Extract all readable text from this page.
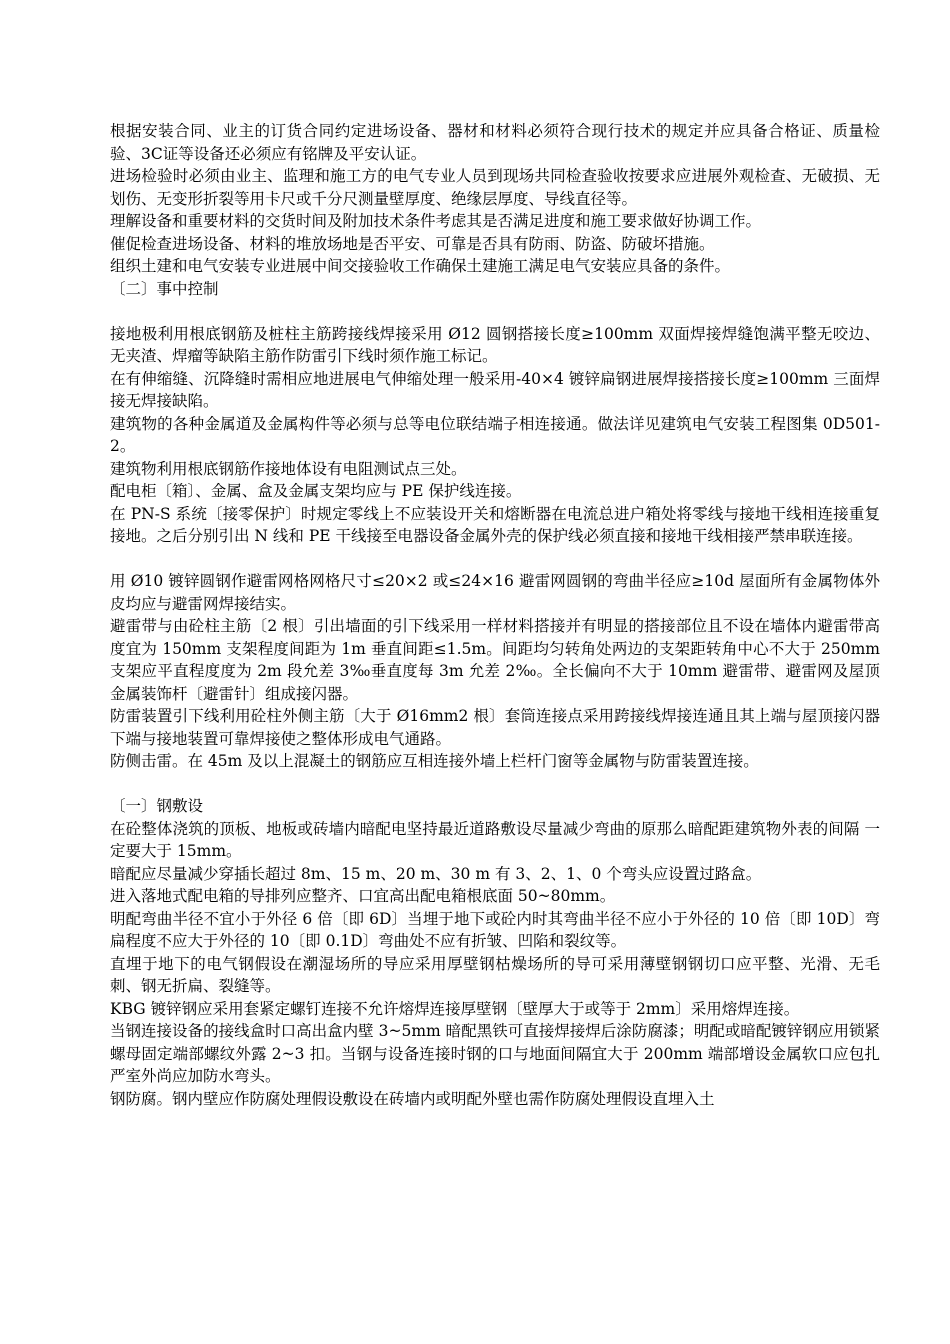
根据安装合同、业主的订货合同约定进场设备、器材和材料必须符合现行技术的规定并应具备合格证、质量检验、3C证等设备还必须应有铭牌及平安认证。

进场检验时必须由业主、监理和施工方的电气专业人员到现场共同检查验收按要求应进展外观检查、无破损、无划伤、无变形折裂等用卡尺或千分尺测量壁厚度、绝缘层厚度、导线直径等。

理解设备和重要材料的交货时间及附加技术条件考虑其是否满足进度和施工要求做好协调工作。

催促检查进场设备、材料的堆放场地是否平安、可靠是否具有防雨、防盗、防破坏措施。

组织土建和电气安装专业进展中间交接验收工作确保土建施工满足电气安装应具备的条件。

〔二〕事中控制

接地极利用根底钢筋及桩柱主筋跨接线焊接采用 Ø12 圆钢搭接长度≥100mm 双面焊接焊缝饱满平整无咬边、无夹渣、焊瘤等缺陷主筋作防雷引下线时须作施工标记。

在有伸缩缝、沉降缝时需相应地进展电气伸缩处理一般采用-40×4 镀锌扁钢进展焊接搭接长度≥100mm 三面焊接无焊接缺陷。

建筑物的各种金属道及金属构件等必须与总等电位联结端子相连接通。做法详见建筑电气安装工程图集 0D501-2。

建筑物利用根底钢筋作接地体设有电阻测试点三处。

配电柜〔箱〕、金属、盒及金属支架均应与 PE 保护线连接。

在 PN-S 系统〔接零保护〕时规定零线上不应装设开关和熔断器在电流总进户箱处将零线与接地干线相连接重复接地。之后分别引出 N 线和 PE 干线接至电器设备金属外壳的保护线必须直接和接地干线相接严禁串联连接。

用 Ø10 镀锌圆钢作避雷网格网格尺寸≤20×2 或≤24×16 避雷网圆钢的弯曲半径应≥10d 屋面所有金属物体外皮均应与避雷网焊接结实。

避雷带与由砼柱主筋〔2 根〕引出墙面的引下线采用一样材料搭接并有明显的搭接部位且不设在墙体内避雷带高度宜为 150mm 支架程度间距为 1m 垂直间距≤1.5m。间距均匀转角处两边的支架距转角中心不大于 250mm 支架应平直程度度为 2m 段允差 3‰垂直度每 3m 允差 2‰。全长偏向不大于 10mm 避雷带、避雷网及屋顶金属装饰杆〔避雷针〕组成接闪器。

防雷装置引下线利用砼柱外侧主筋〔大于 Ø16mm2 根〕套筒连接点采用跨接线焊接连通且其上端与屋顶接闪器下端与接地装置可靠焊接使之整体形成电气通路。

防侧击雷。在 45m 及以上混凝土的钢筋应互相连接外墙上栏杆门窗等金属物与防雷装置连接。

〔一〕钢敷设

在砼整体浇筑的顶板、地板或砖墙内暗配电坚持最近道路敷设尽量减少弯曲的原那么暗配距建筑物外表的间隔 一定要大于 15mm。

暗配应尽量减少穿插长超过 8m、15 m、20 m、30 m 有 3、2、1、0 个弯头应设置过路盒。

进入落地式配电箱的导排列应整齐、口宜高出配电箱根底面 50~80mm。

明配弯曲半径不宜小于外径 6 倍〔即 6D〕当埋于地下或砼内时其弯曲半径不应小于外径的 10 倍〔即 10D〕弯扁程度不应大于外径的 10〔即 0.1D〕弯曲处不应有折皱、凹陷和裂纹等。

直埋于地下的电气钢假设在潮湿场所的导应采用厚壁钢枯燥场所的导可采用薄壁钢钢切口应平整、光滑、无毛刺、钢无折扁、裂缝等。

KBG 镀锌钢应采用套紧定螺钉连接不允许熔焊连接厚壁钢〔壁厚大于或等于 2mm〕采用熔焊连接。

当钢连接设备的接线盒时口高出盒内壁 3~5mm 暗配黑铁可直接焊接焊后涂防腐漆；明配或暗配镀锌钢应用锁紧螺母固定端部螺纹外露 2~3 扣。当钢与设备连接时钢的口与地面间隔宜大于 200mm 端部增设金属软口应包扎严室外尚应加防水弯头。

钢防腐。钢内壁应作防腐处理假设敷设在砖墙内或明配外壁也需作防腐处理假设直埋入土
